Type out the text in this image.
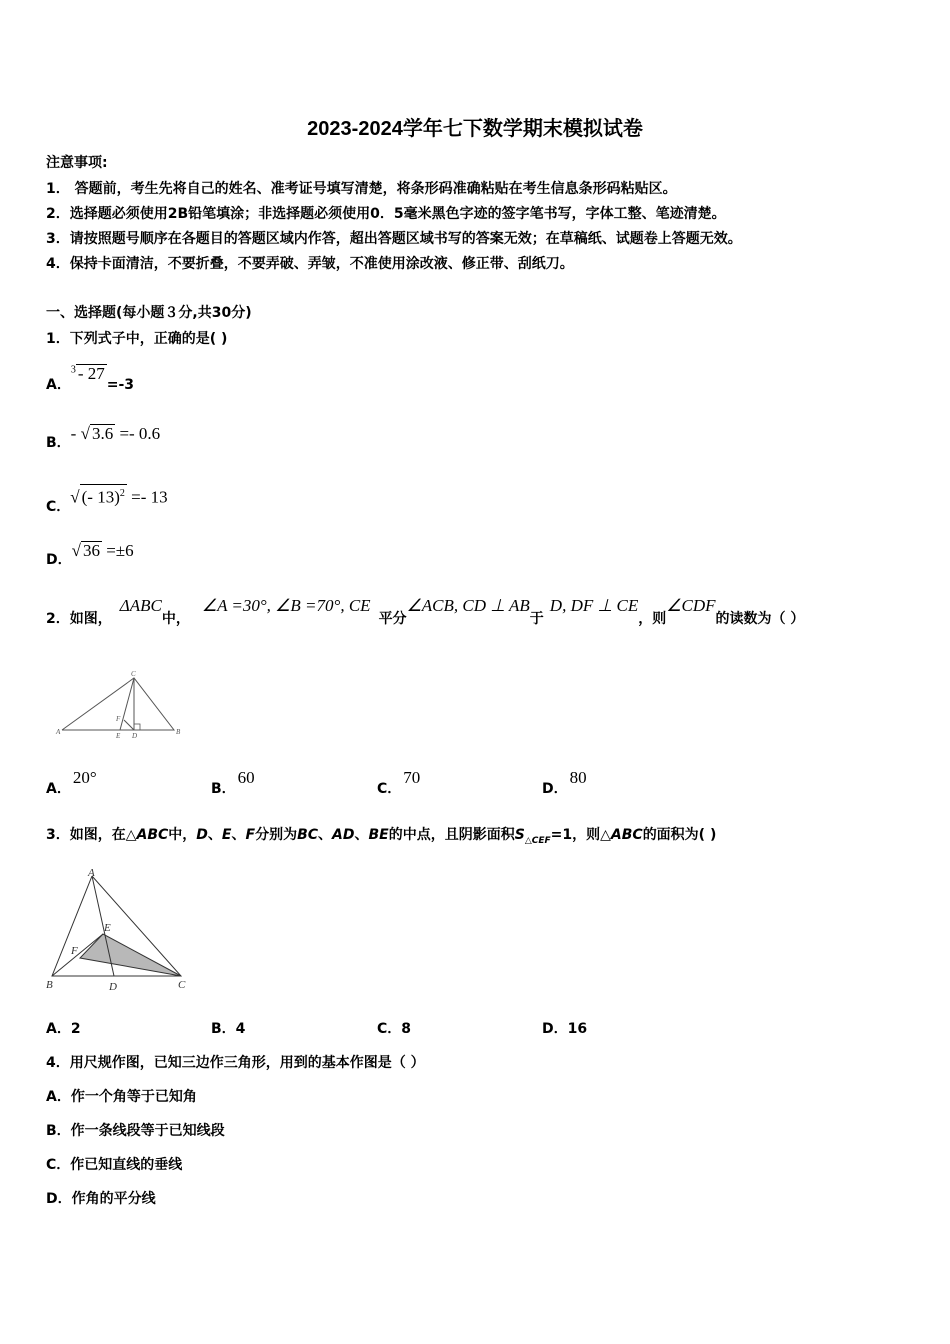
2023-2024学年七下数学期末模拟试卷
注意事项:
1． 答题前，考生先将自己的姓名、准考证号填写清楚，将条形码准确粘贴在考生信息条形码粘贴区。
2．选择题必须使用2B铅笔填涂；非选择题必须使用0．5毫米黑色字迹的签字笔书写，字体工整、笔迹清楚。
3．请按照题号顺序在各题目的答题区域内作答，超出答题区域书写的答案无效；在草稿纸、试题卷上答题无效。
4．保持卡面清洁，不要折叠，不要弄破、弄皱，不准使用涂改液、修正带、刮纸刀。
一、选择题(每小题３分,共30分)
1．下列式子中，正确的是( )
A．$^3$ - 27=-3
B．- √ 3.6 =- 0.6
C．√ (- 13)$^2$ =- 13
D．√ 36 =±6
2．如图，ΔABC中，∠A =30°, ∠B =70°, CE平分∠ACB, CD ⊥ AB于D, DF ⊥ CE，则∠CDF的读数为（ ）
A	B
C
D
E
F
A．20°
B．60
C．70
D．80
3．如图，在△ABC中，D、E、F分别为BC、AD、BE的中点，且阴影面积$S_{\triangle CEF}=1$，则△ABC的面积为( )
A
B	C
D
E
F
A．2	B．4	C．8	D．16
4．用尺规作图，已知三边作三角形，用到的基本作图是（ ）
A．作一个角等于已知角
B．作一条线段等于已知线段
C．作已知直线的垂线
D．作角的平分线
